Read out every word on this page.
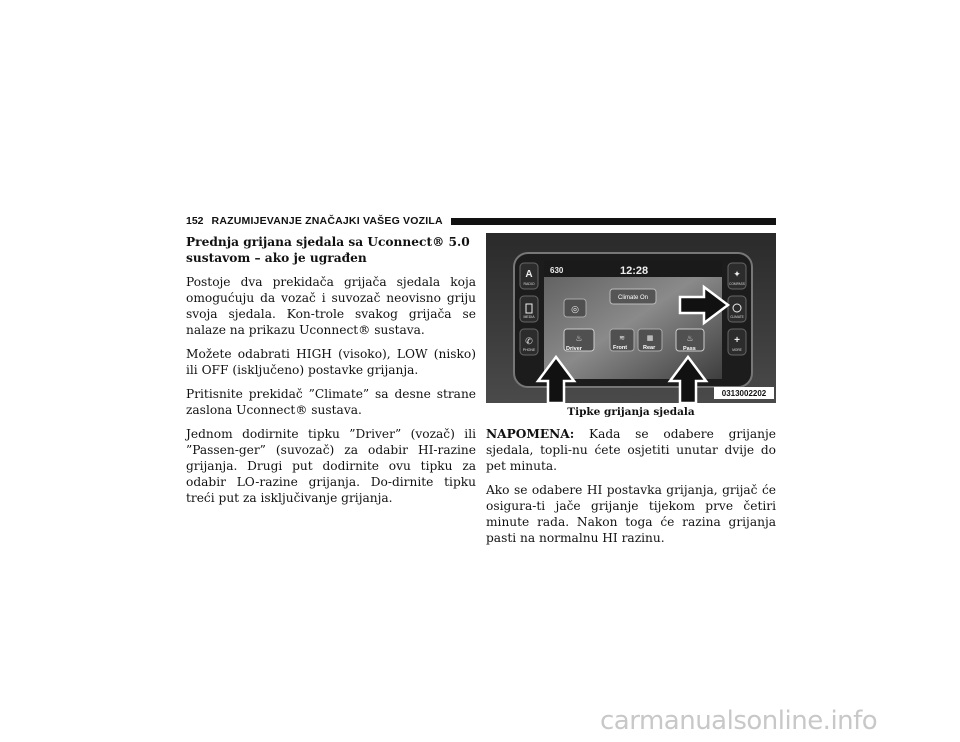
152 RAZUMIJEVANJE ZNAČAJKI VAŠEG VOZILA
Prednja grijana sjedala sa Uconnect® 5.0 sustavom – ako je ugrađen

Postoje dva prekidača grijača sjedala koja omogućuju da vozač i suvozač neovisno griju svoja sjedala. Kon-trole svakog grijača se nalaze na prikazu Uconnect® sustava.

Možete odabrati HIGH (visoko), LOW (nisko) ili OFF (isključeno) postavke grijanja.

Pritisnite prekidač ”Climate” sa desne strane zaslona Uconnect® sustava.

Jednom dodirnite tipku ”Driver” (vozač) ili ”Passen-ger” (suvozač) za odabir HI-razine grijanja. Drugi put dodirnite ovu tipku za odabir LO-razine grijanja. Do-dirnite tipku treći put za isključivanje grijanja.

RADIO
MEDIA
PHONE
A
✆
COMPASS
CLIMATE
MORE
✦
+
630	12:28
Climate On
◎
♨
Driver
≋
Front
▦
Rear
♨
Pass
0313002202
Tipke grijanja sjedala

NAPOMENA: Kada se odabere grijanje sjedala, topli-nu ćete osjetiti unutar dvije do pet minuta.

Ako se odabere HI postavka grijanja, grijač će osigura-ti jače grijanje tijekom prve četiri minute rada. Nakon toga će razina grijanja pasti na normalnu HI razinu.

carmanualsonline.info
